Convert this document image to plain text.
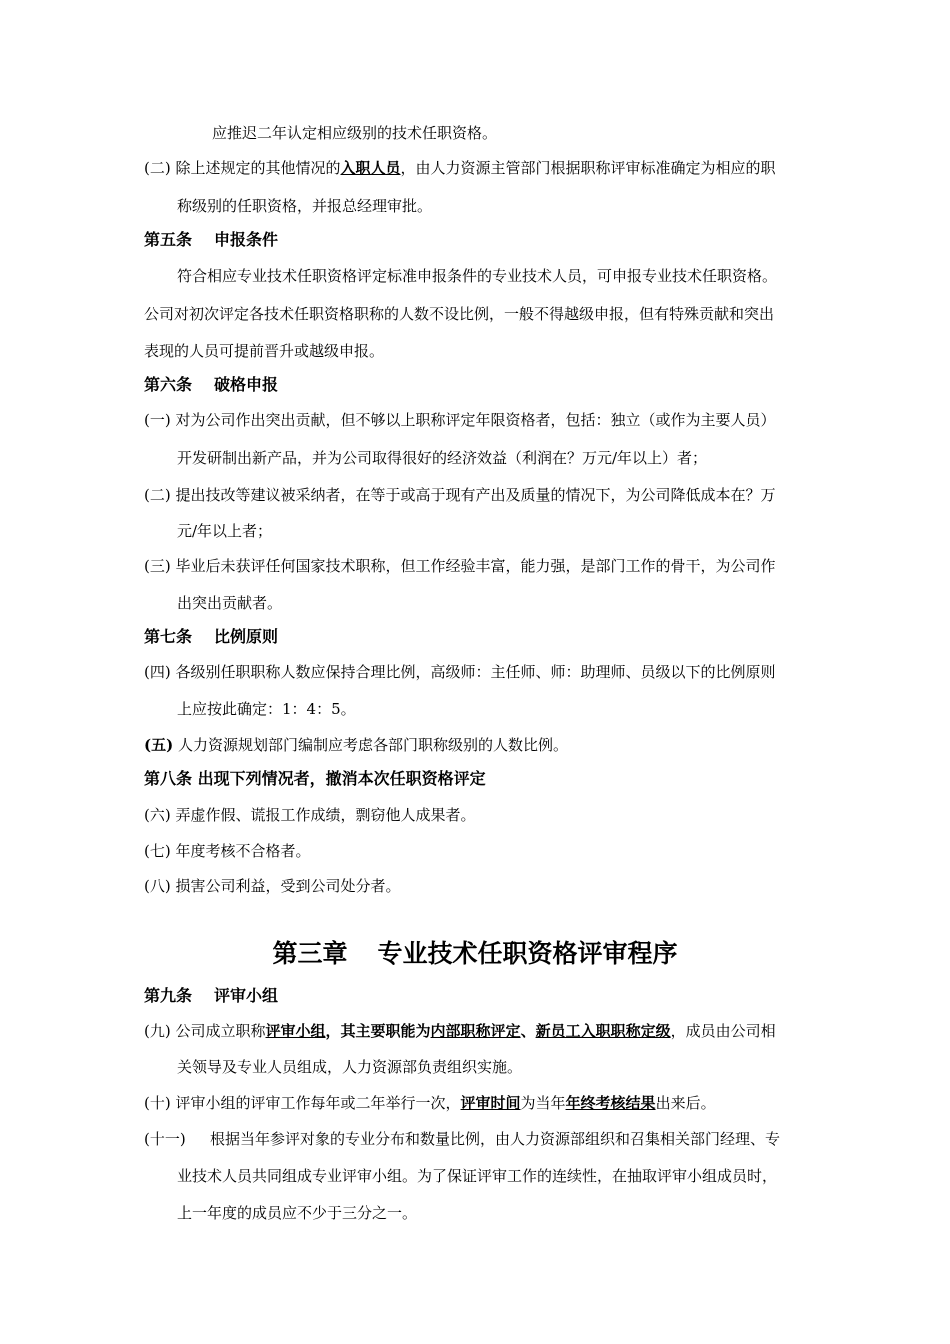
应推迟二年认定相应级别的技术任职资格。
(二) 除上述规定的其他情况的入职人员，由人力资源主管部门根据职称评审标准确定为相应的职
称级别的任职资格，并报总经理审批。
第五条 申报条件
符合相应专业技术任职资格评定标准申报条件的专业技术人员，可申报专业技术任职资格。
公司对初次评定各技术任职资格职称的人数不设比例，一般不得越级申报，但有特殊贡献和突出
表现的人员可提前晋升或越级申报。
第六条 破格申报
(一) 对为公司作出突出贡献，但不够以上职称评定年限资格者，包括：独立（或作为主要人员）
开发研制出新产品，并为公司取得很好的经济效益（利润在？万元/年以上）者；
(二) 提出技改等建议被采纳者，在等于或高于现有产出及质量的情况下，为公司降低成本在？万
元/年以上者；
(三) 毕业后未获评任何国家技术职称，但工作经验丰富，能力强，是部门工作的骨干，为公司作
出突出贡献者。
第七条 比例原则
(四) 各级别任职职称人数应保持合理比例，高级师：主任师、师：助理师、员级以下的比例原则
上应按此确定：1：4：5。
(五) 人力资源规划部门编制应考虑各部门职称级别的人数比例。
第八条 出现下列情况者，撤消本次任职资格评定
(六) 弄虚作假、谎报工作成绩，剽窃他人成果者。
(七) 年度考核不合格者。
(八) 损害公司利益，受到公司处分者。
第三章 专业技术任职资格评审程序
第九条 评审小组
(九) 公司成立职称评审小组，其主要职能为内部职称评定、新员工入职职称定级，成员由公司相
关领导及专业人员组成，人力资源部负责组织实施。
(十) 评审小组的评审工作每年或二年举行一次，评审时间为当年年终考核结果出来后。
(十一) 根据当年参评对象的专业分布和数量比例，由人力资源部组织和召集相关部门经理、专
业技术人员共同组成专业评审小组。为了保证评审工作的连续性，在抽取评审小组成员时，
上一年度的成员应不少于三分之一。
